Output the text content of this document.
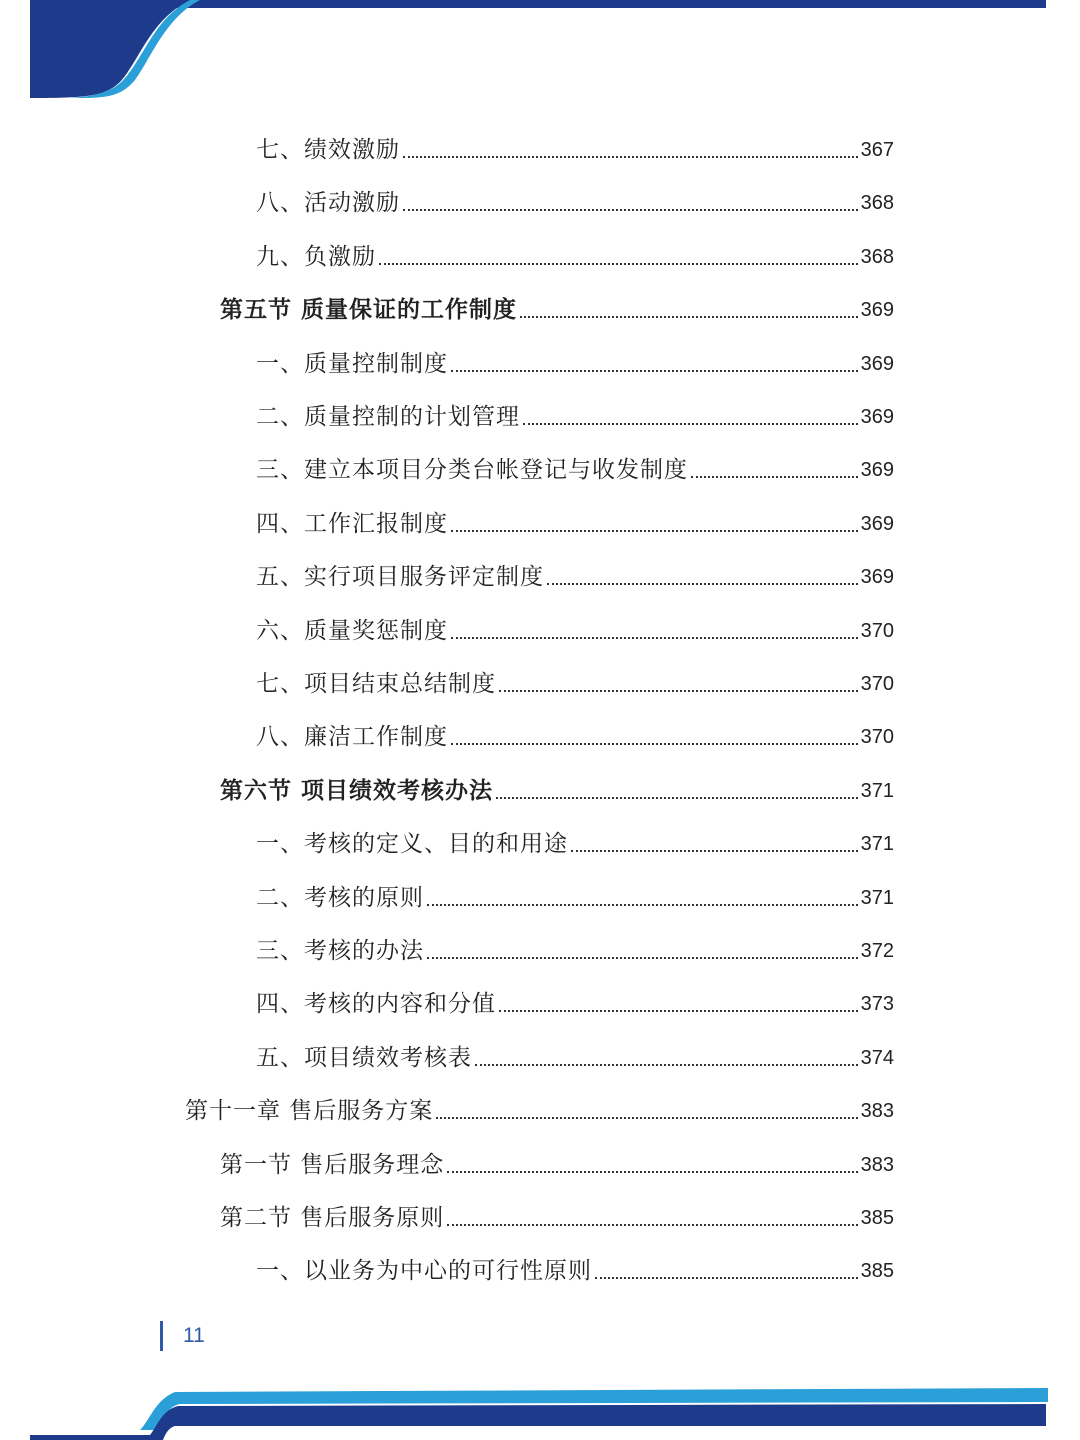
七、绩效激励	367
八、活动激励	368
九、负激励	368
第五节 质量保证的工作制度	369
一、质量控制制度	369
二、质量控制的计划管理	369
三、建立本项目分类台帐登记与收发制度	369
四、工作汇报制度	369
五、实行项目服务评定制度	369
六、质量奖惩制度	370
七、项目结束总结制度	370
八、廉洁工作制度	370
第六节 项目绩效考核办法	371
一、考核的定义、目的和用途	371
二、考核的原则	371
三、考核的办法	372
四、考核的内容和分值	373
五、项目绩效考核表	374
第十一章 售后服务方案	383
第一节 售后服务理念	383
第二节 售后服务原则	385
一、以业务为中心的可行性原则	385
11
